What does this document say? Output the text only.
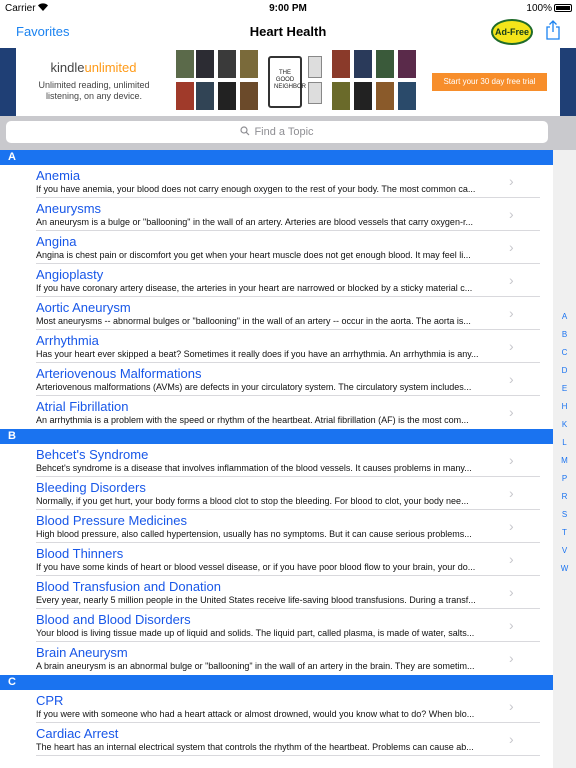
Carrier	9:00 PM	100%
Favorites	Heart Health	Ad-Free
kindleunlimited
Unlimited reading, unlimited listening, on any device.
THE GOOD NEIGHBOR
Start your 30 day free trial
Find a Topic
A
Anemia
If you have anemia, your blood does not carry enough oxygen to the rest of your body. The most common ca...	›
Aneurysms
An aneurysm is a bulge or "ballooning" in the wall of an artery. Arteries are blood vessels that carry oxygen-r...	›
Angina
Angina is chest pain or discomfort you get when your heart muscle does not get enough blood. It may feel li...	›
Angioplasty
If you have coronary artery disease, the arteries in your heart are narrowed or blocked by a sticky material c...	›
Aortic Aneurysm
Most aneurysms -- abnormal bulges or "ballooning" in the wall of an artery -- occur in the aorta. The aorta is...	›
Arrhythmia
Has your heart ever skipped a beat? Sometimes it really does if you have an arrhythmia. An arrhythmia is any...	›
Arteriovenous Malformations
Arteriovenous malformations (AVMs) are defects in your circulatory system. The circulatory system includes...	›
Atrial Fibrillation
An arrhythmia is a problem with the speed or rhythm of the heartbeat. Atrial fibrillation (AF) is the most com...	›
B
Behcet's Syndrome
Behcet's syndrome is a disease that involves inflammation of the blood vessels. It causes problems in many...	›
Bleeding Disorders
Normally, if you get hurt, your body forms a blood clot to stop the bleeding. For blood to clot, your body nee...	›
Blood Pressure Medicines
High blood pressure, also called hypertension, usually has no symptoms. But it can cause serious problems...	›
Blood Thinners
If you have some kinds of heart or blood vessel disease, or if you have poor blood flow to your brain, your do...	›
Blood Transfusion and Donation
Every year, nearly 5 million people in the United States receive life-saving blood transfusions. During a transf...	›
Blood and Blood Disorders
Your blood is living tissue made up of liquid and solids. The liquid part, called plasma, is made of water, salts...	›
Brain Aneurysm
A brain aneurysm is an abnormal bulge or "ballooning" in the wall of an artery in the brain. They are sometim...	›
C
CPR
If you were with someone who had a heart attack or almost drowned, would you know what to do? When blo...	›
Cardiac Arrest
The heart has an internal electrical system that controls the rhythm of the heartbeat. Problems can cause ab...	›
A
B
C
D
E
H
K
L
M
P
R
S
T
V
W
